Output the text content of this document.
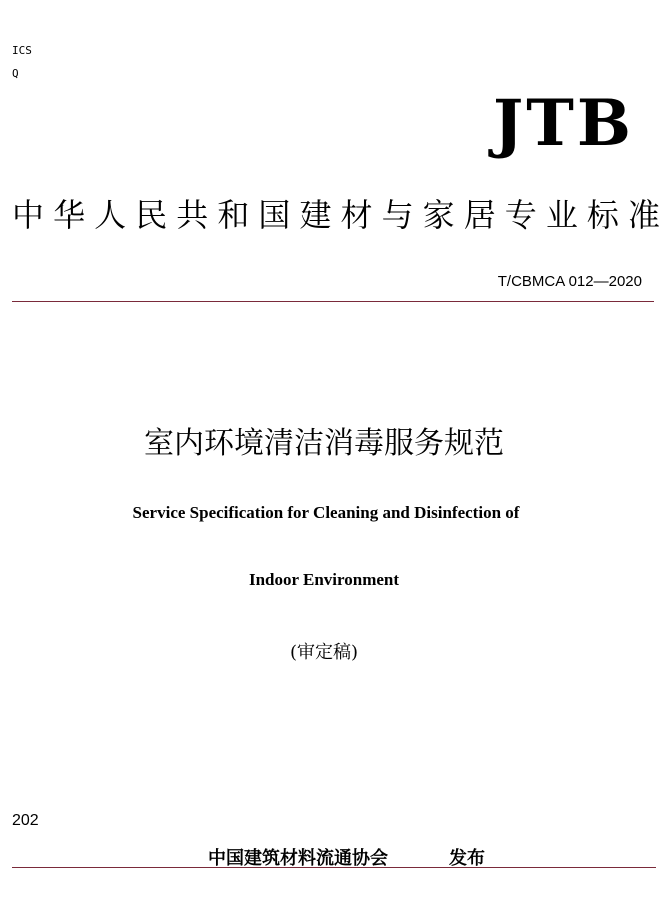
ICS
Q
JTB
中华人民共和国建材与家居专业标准
T/CBMCA 012—2020
室内环境清洁消毒服务规范
Service Specification for Cleaning and Disinfection of
Indoor Environment
(审定稿)
202
中国建筑材料流通协会	发布
